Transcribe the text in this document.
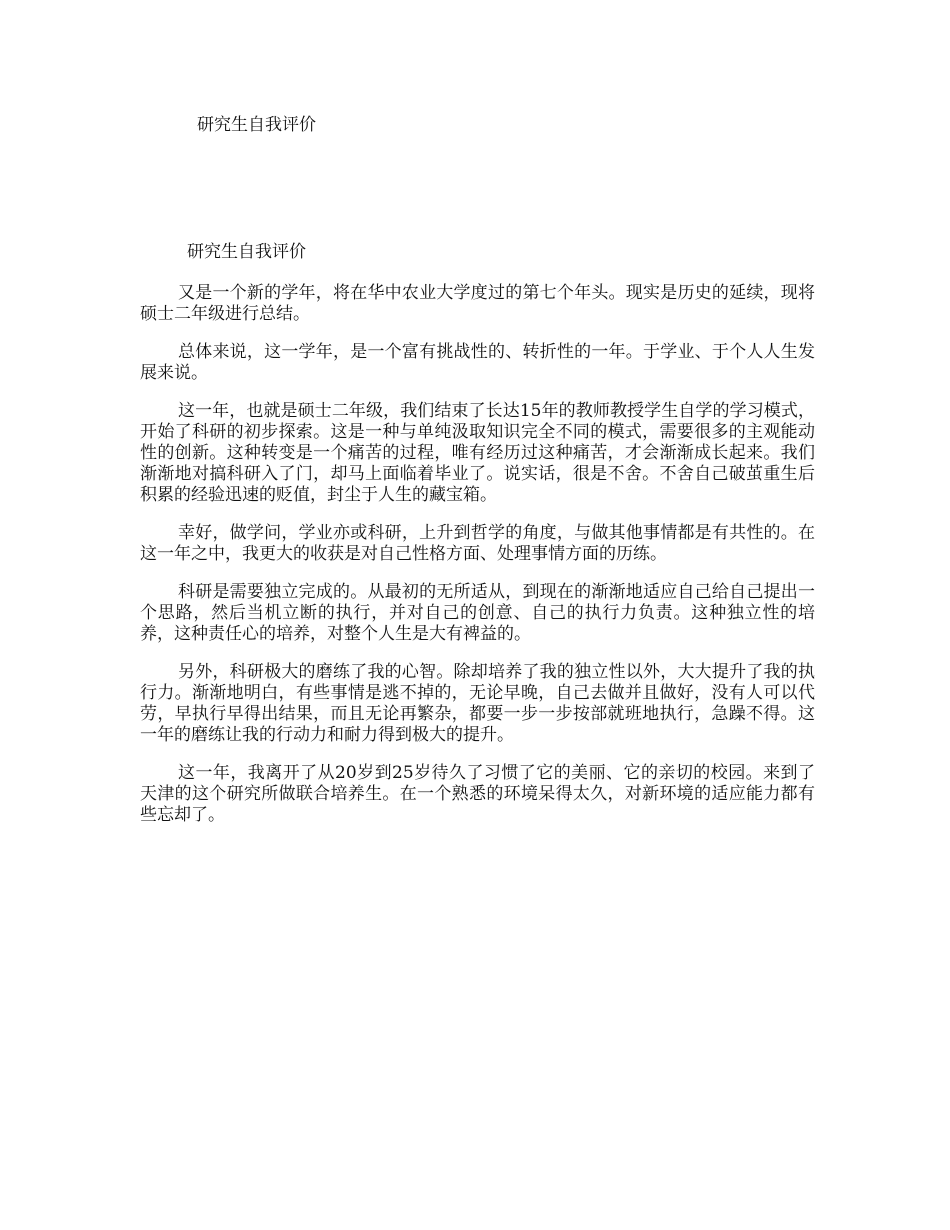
研究生自我评价
研究生自我评价

又是一个新的学年，将在华中农业大学度过的第七个年头。现实是历史的延续，现将硕士二年级进行总结。

总体来说，这一学年，是一个富有挑战性的、转折性的一年。于学业、于个人人生发展来说。

这一年，也就是硕士二年级，我们结束了长达15年的教师教授学生自学的学习模式，开始了科研的初步探索。这是一种与单纯汲取知识完全不同的模式，需要很多的主观能动性的创新。这种转变是一个痛苦的过程，唯有经历过这种痛苦，才会渐渐成长起来。我们渐渐地对搞科研入了门，却马上面临着毕业了。说实话，很是不舍。不舍自己破茧重生后积累的经验迅速的贬值，封尘于人生的藏宝箱。

幸好，做学问，学业亦或科研，上升到哲学的角度，与做其他事情都是有共性的。在这一年之中，我更大的收获是对自己性格方面、处理事情方面的历练。

科研是需要独立完成的。从最初的无所适从，到现在的渐渐地适应自己给自己提出一个思路，然后当机立断的执行，并对自己的创意、自己的执行力负责。这种独立性的培养，这种责任心的培养，对整个人生是大有裨益的。

另外，科研极大的磨练了我的心智。除却培养了我的独立性以外，大大提升了我的执行力。渐渐地明白，有些事情是逃不掉的，无论早晚，自己去做并且做好，没有人可以代劳，早执行早得出结果，而且无论再繁杂，都要一步一步按部就班地执行，急躁不得。这一年的磨练让我的行动力和耐力得到极大的提升。

这一年，我离开了从20岁到25岁待久了习惯了它的美丽、它的亲切的校园。来到了天津的这个研究所做联合培养生。在一个熟悉的环境呆得太久，对新环境的适应能力都有些忘却了。
